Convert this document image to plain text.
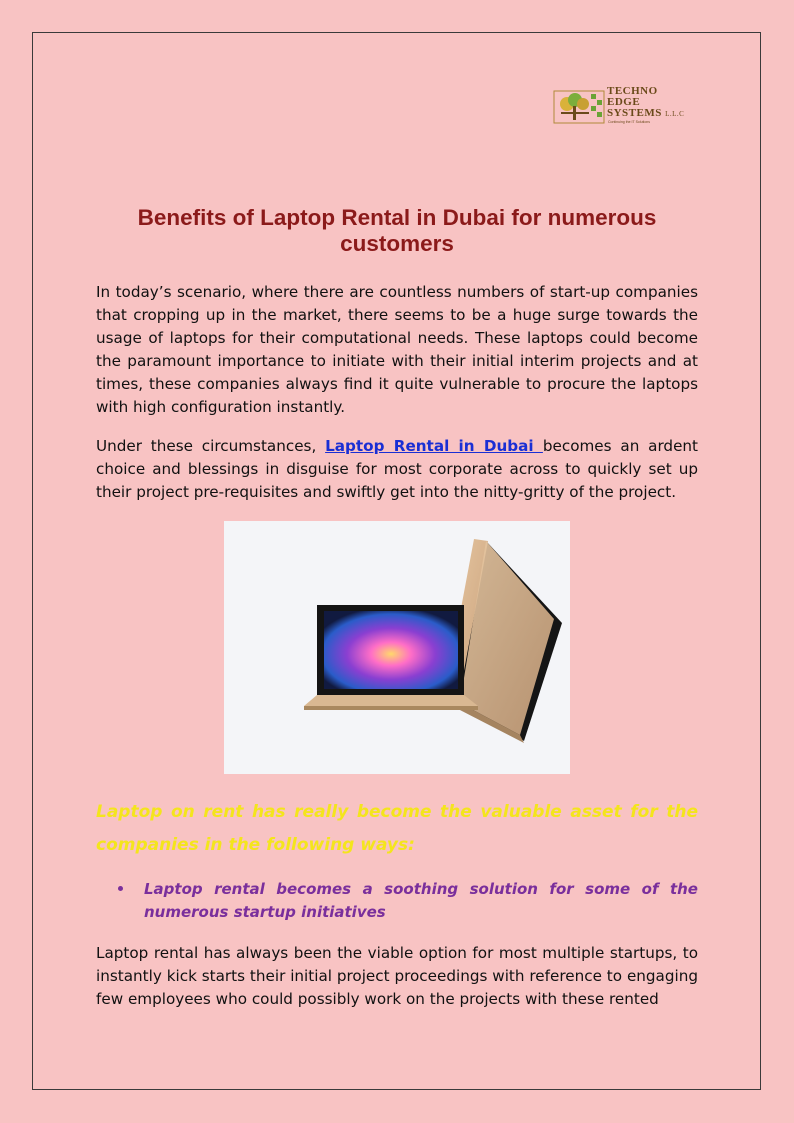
TECHNO
EDGE
SYSTEMS L.L.C
Continuing the IT Solutions
Benefits of Laptop Rental in Dubai for numerous customers

In today’s scenario, where there are countless numbers of start-up companies that cropping up in the market, there seems to be a huge surge towards the usage of laptops for their computational needs. These laptops could become the paramount importance to initiate with their initial interim projects and at times, these companies always find it quite vulnerable to procure the laptops with high configuration instantly.

Under these circumstances, Laptop Rental in Dubai becomes an ardent choice and blessings in disguise for most corporate across to quickly set up their project pre-requisites and swiftly get into the nitty-gritty of the project.

Laptop on rent has really become the valuable asset for the companies in the following ways:

Laptop rental becomes a soothing solution for some of the numerous startup initiatives

Laptop rental has always been the viable option for most multiple startups, to instantly kick starts their initial project proceedings with reference to engaging few employees who could possibly work on the projects with these rented
